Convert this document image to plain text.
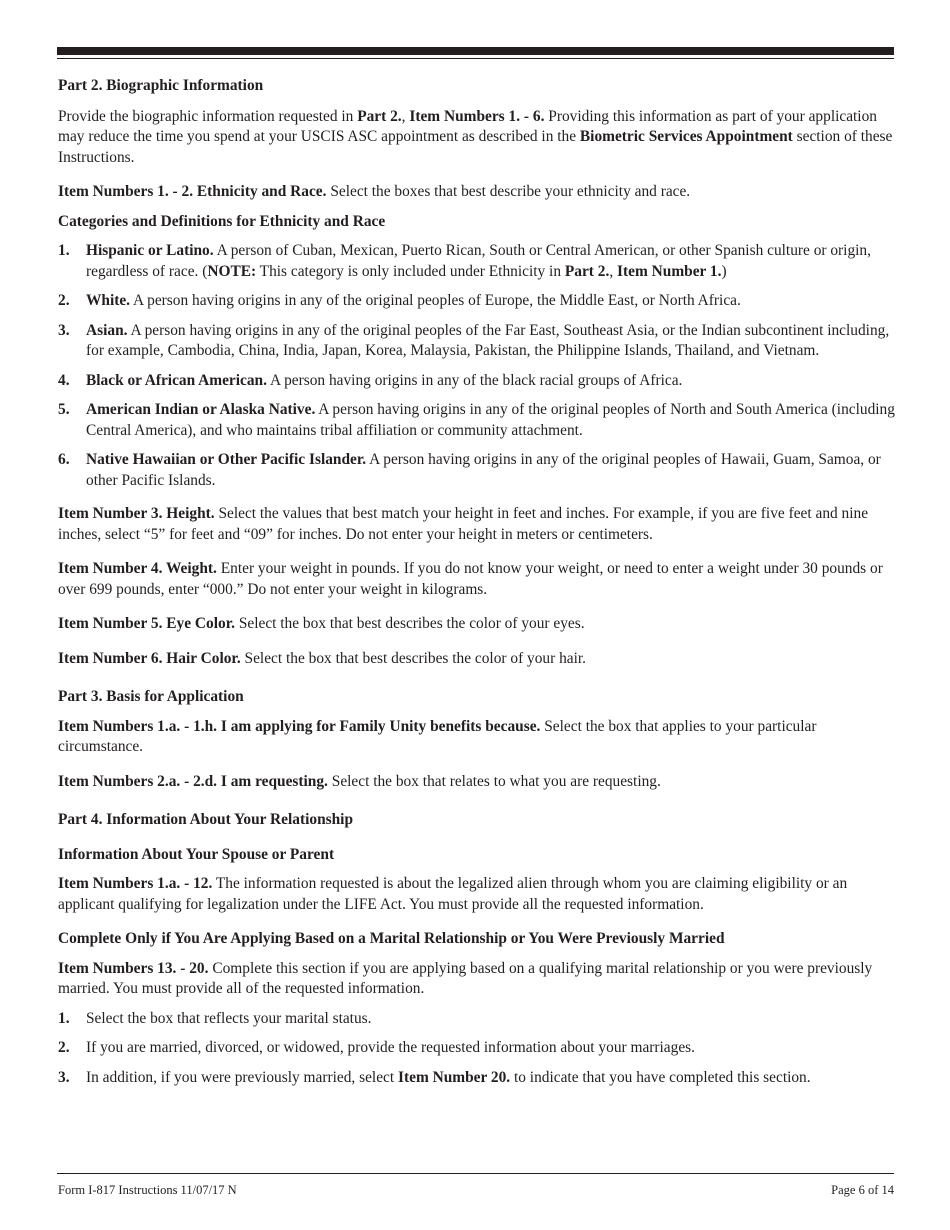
Part 2. Biographic Information

Provide the biographic information requested in Part 2., Item Numbers 1. - 6. Providing this information as part of your application may reduce the time you spend at your USCIS ASC appointment as described in the Biometric Services Appointment section of these Instructions.

Item Numbers 1. - 2. Ethnicity and Race. Select the boxes that best describe your ethnicity and race.

Categories and Definitions for Ethnicity and Race

1.	Hispanic or Latino. A person of Cuban, Mexican, Puerto Rican, South or Central American, or other Spanish culture or origin, regardless of race. (NOTE: This category is only included under Ethnicity in Part 2., Item Number 1.)
2.	White. A person having origins in any of the original peoples of Europe, the Middle East, or North Africa.
3.	Asian. A person having origins in any of the original peoples of the Far East, Southeast Asia, or the Indian subcontinent including, for example, Cambodia, China, India, Japan, Korea, Malaysia, Pakistan, the Philippine Islands, Thailand, and Vietnam.
4.	Black or African American. A person having origins in any of the black racial groups of Africa.
5.	American Indian or Alaska Native. A person having origins in any of the original peoples of North and South America (including Central America), and who maintains tribal affiliation or community attachment.
6.	Native Hawaiian or Other Pacific Islander. A person having origins in any of the original peoples of Hawaii, Guam, Samoa, or other Pacific Islands.

Item Number 3. Height. Select the values that best match your height in feet and inches. For example, if you are five feet and nine inches, select “5” for feet and “09” for inches. Do not enter your height in meters or centimeters.

Item Number 4. Weight. Enter your weight in pounds. If you do not know your weight, or need to enter a weight under 30 pounds or over 699 pounds, enter “000.” Do not enter your weight in kilograms.

Item Number 5. Eye Color. Select the box that best describes the color of your eyes.

Item Number 6. Hair Color. Select the box that best describes the color of your hair.

Part 3. Basis for Application

Item Numbers 1.a. - 1.h. I am applying for Family Unity benefits because. Select the box that applies to your particular circumstance.

Item Numbers 2.a. - 2.d. I am requesting. Select the box that relates to what you are requesting.

Part 4. Information About Your Relationship

Information About Your Spouse or Parent

Item Numbers 1.a. - 12. The information requested is about the legalized alien through whom you are claiming eligibility or an applicant qualifying for legalization under the LIFE Act. You must provide all the requested information.

Complete Only if You Are Applying Based on a Marital Relationship or You Were Previously Married

Item Numbers 13. - 20. Complete this section if you are applying based on a qualifying marital relationship or you were previously married. You must provide all of the requested information.

1.	Select the box that reflects your marital status.
2.	If you are married, divorced, or widowed, provide the requested information about your marriages.
3.	In addition, if you were previously married, select Item Number 20. to indicate that you have completed this section.
Form I-817 Instructions 11/07/17 N	Page 6 of 14
